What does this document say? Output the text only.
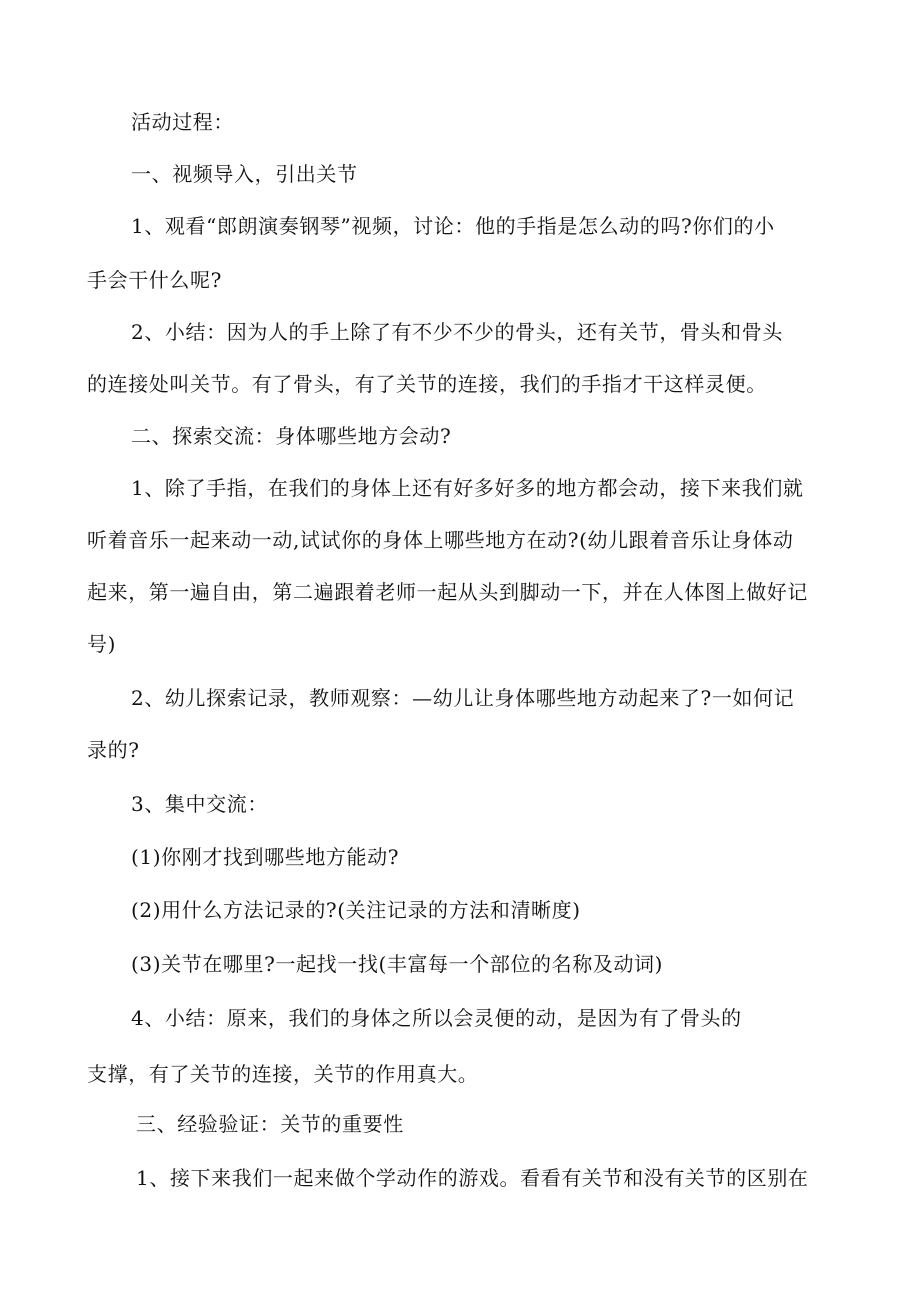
活动过程：
一、视频导入，引出关节
1、观看“郎朗演奏钢琴”视频，讨论：他的手指是怎么动的吗?你们的小
手会干什么呢?
2、小结：因为人的手上除了有不少不少的骨头，还有关节，骨头和骨头
的连接处叫关节。有了骨头，有了关节的连接，我们的手指才干这样灵便。
二、探索交流：身体哪些地方会动?
1、除了手指，在我们的身体上还有好多好多的地方都会动，接下来我们就
听着音乐一起来动一动,试试你的身体上哪些地方在动?(幼儿跟着音乐让身体动
起来，第一遍自由，第二遍跟着老师一起从头到脚动一下，并在人体图上做好记
号)
2、幼儿探索记录，教师观察：—幼儿让身体哪些地方动起来了?一如何记
录的?
3、集中交流：
(1)你刚才找到哪些地方能动?
(2)用什么方法记录的?(关注记录的方法和清晰度)
(3)关节在哪里?一起找一找(丰富每一个部位的名称及动词)
4、小结：原来，我们的身体之所以会灵便的动，是因为有了骨头的
支撑，有了关节的连接，关节的作用真大。
三、经验验证：关节的重要性
1、接下来我们一起来做个学动作的游戏。看看有关节和没有关节的区别在
